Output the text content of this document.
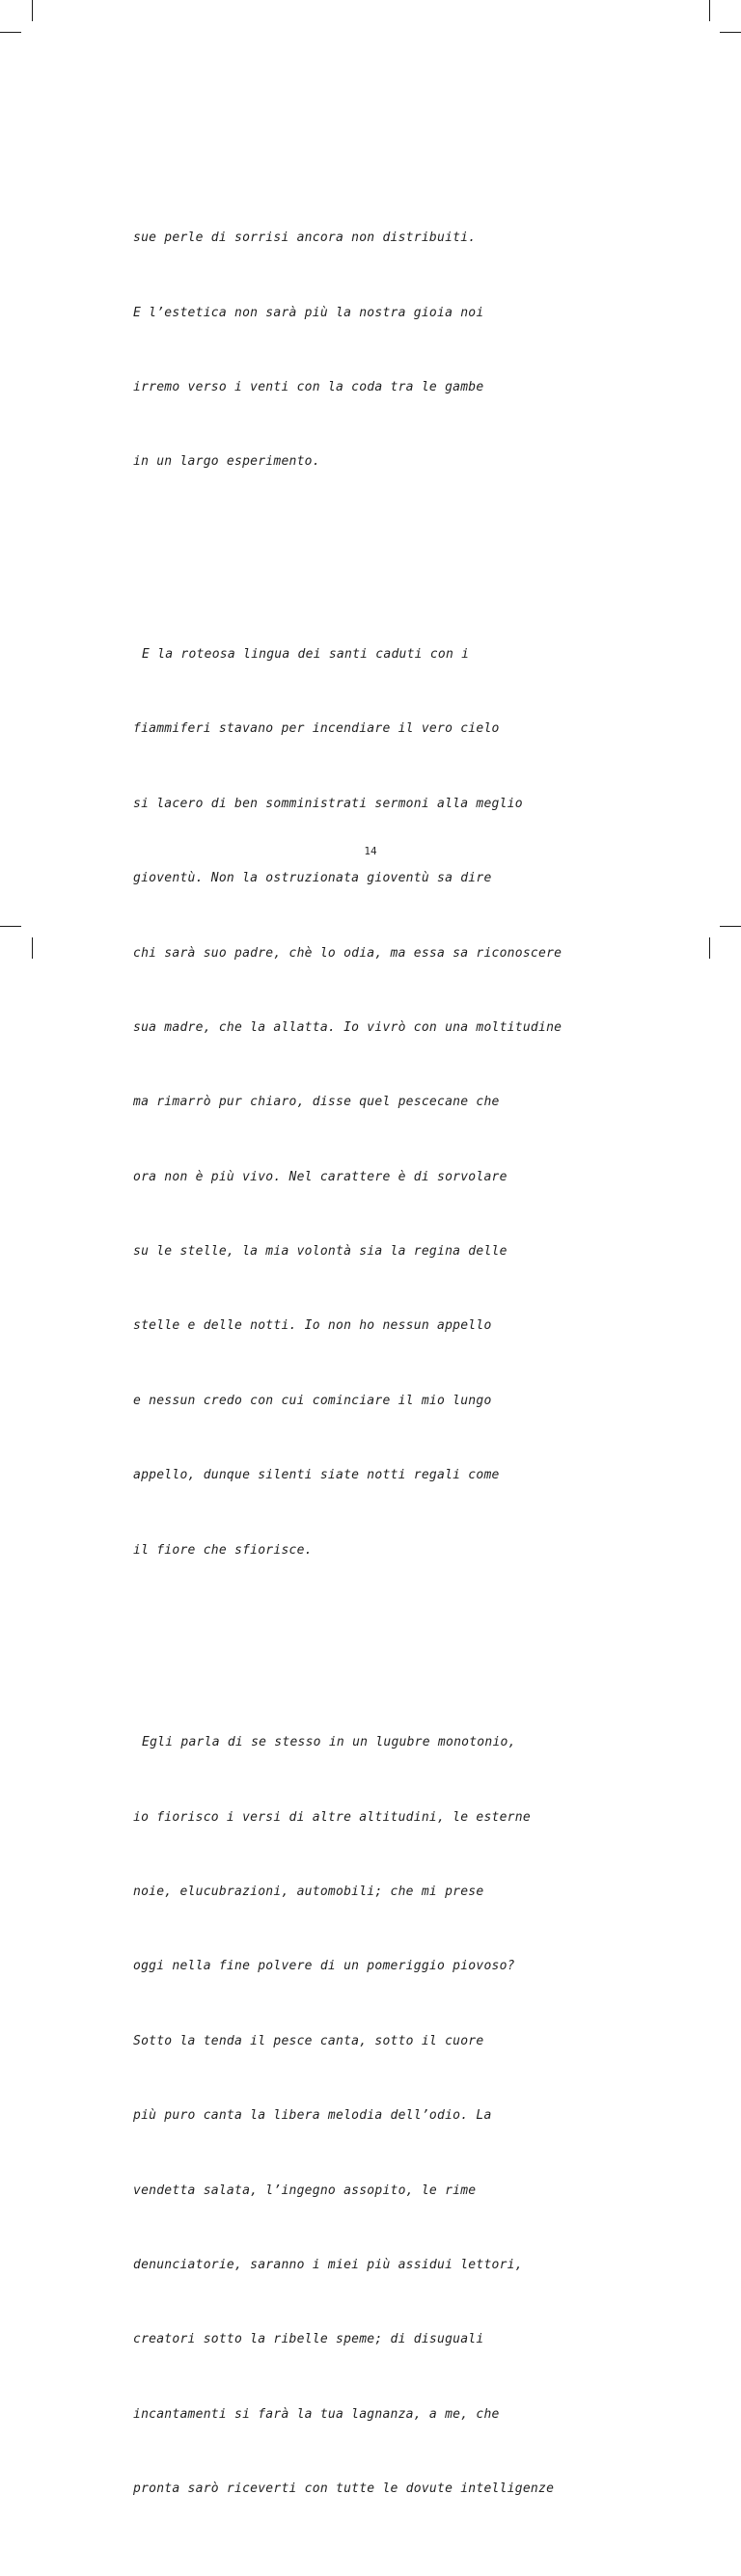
sue perle di sorrisi ancora non distribuiti.

E l’estetica non sarà più la nostra gioia noi

irremo verso i venti con la coda tra le gambe

in un largo esperimento.

E la roteosa lingua dei santi caduti con i

fiammiferi stavano per incendiare il vero cielo

si lacero di ben somministrati sermoni alla meglio

gioventù. Non la ostruzionata gioventù sa dire

chi sarà suo padre, chè lo odia, ma essa sa riconoscere

sua madre, che la allatta. Io vivrò con una moltitudine

ma rimarrò pur chiaro, disse quel pescecane che

ora non è più vivo. Nel carattere è di sorvolare

su le stelle, la mia volontà sia la regina delle

stelle e delle notti. Io non ho nessun appello

e nessun credo con cui cominciare il mio lungo

appello, dunque silenti siate notti regali come

il fiore che sfiorisce.

Egli parla di se stesso in un lugubre monotonio,

io fiorisco i versi di altre altitudini, le esterne

noie, elucubrazioni, automobili; che mi prese

oggi nella fine polvere di un pomeriggio piovoso?

Sotto la tenda il pesce canta, sotto il cuore

più puro canta la libera melodia dell’odio. La

vendetta salata, l’ingegno assopito, le rime

denunciatorie, saranno i miei più assidui lettori,

creatori sotto la ribelle speme; di disuguali

incantamenti si farà la tua lagnanza, a me, che

pronta sarò riceverti con tutte le dovute intelligenze

14
